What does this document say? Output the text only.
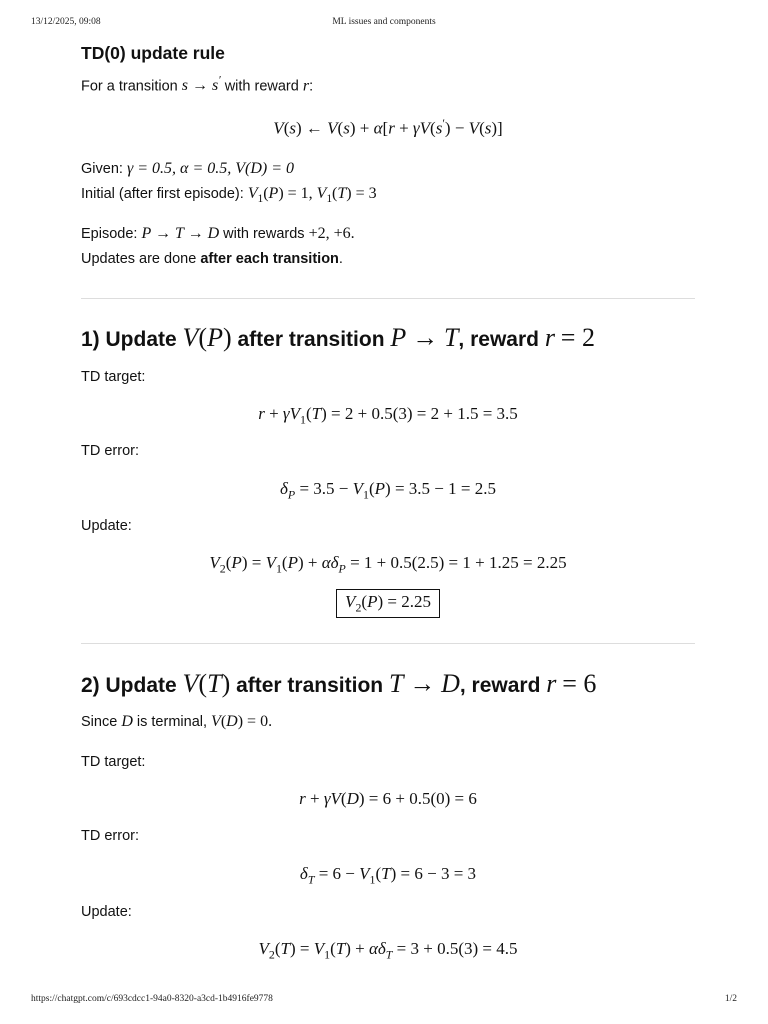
13/12/2025, 09:08	ML issues and components
TD(0) update rule
For a transition s → s′ with reward r:
V(s) ← V(s) + α[r + γV(s′) − V(s)]
Given: γ = 0.5, α = 0.5, V(D) = 0
Initial (after first episode): $V_1(P) = 1$, $V_1(T) = 3$
Episode: P → T → D with rewards +2, +6.
Updates are done after each transition.
1) Update V(P) after transition P → T, reward r = 2
TD target:
$r + \gamma V_1(T) = 2 + 0.5(3) = 2 + 1.5 = 3.5$
TD error:
$\delta_P = 3.5 - V_1(P) = 3.5 - 1 = 2.5$
Update:
$V_2(P) = V_1(P) + \alpha\delta_P = 1 + 0.5(2.5) = 1 + 1.25 = 2.25$
$V_2(P) = 2.25$
2) Update V(T) after transition T → D, reward r = 6
Since D is terminal, V(D) = 0.
TD target:
r + γV(D) = 6 + 0.5(0) = 6
TD error:
$\delta_T = 6 - V_1(T) = 6 - 3 = 3$
Update:
$V_2(T) = V_1(T) + \alpha\delta_T = 3 + 0.5(3) = 4.5$
https://chatgpt.com/c/693cdcc1-94a0-8320-a3cd-1b4916fe9778	1/2
